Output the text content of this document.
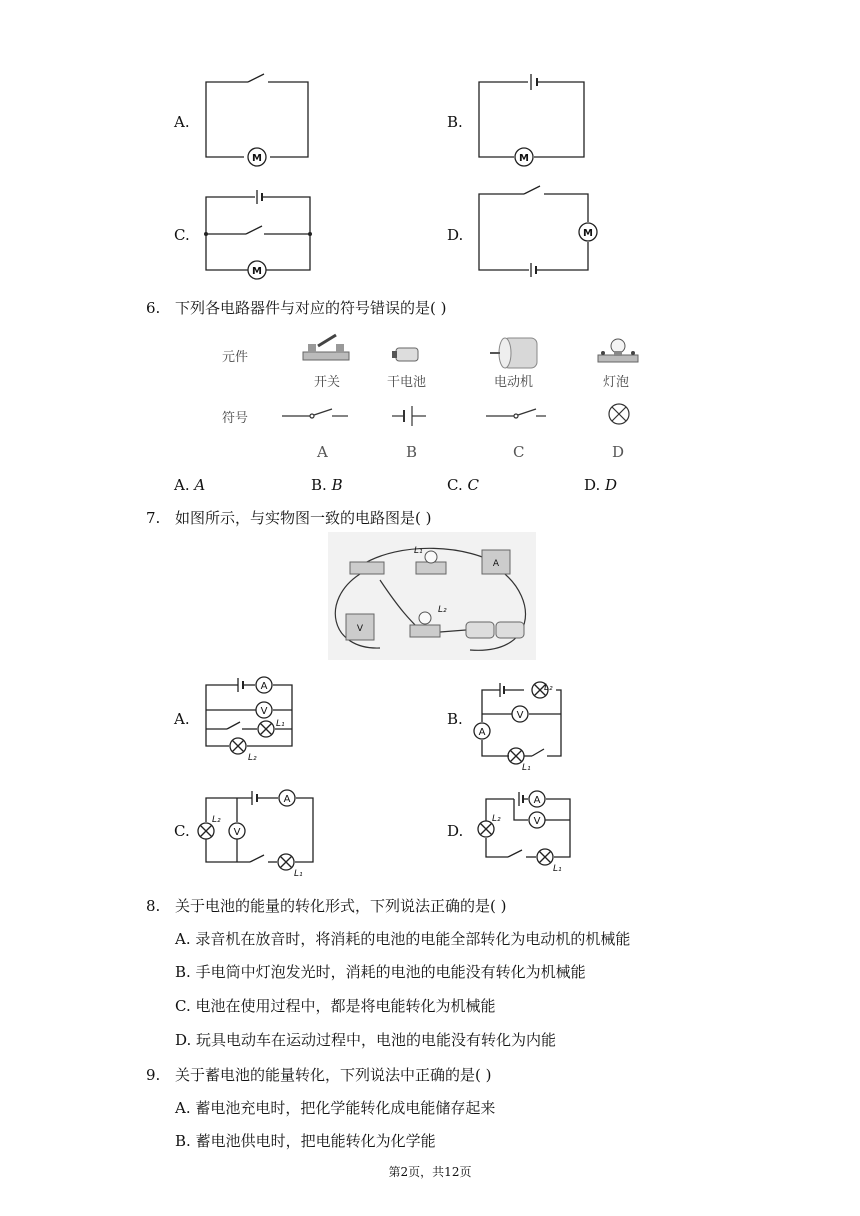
A.
M	M
M
M
B.
C.	D.
6. 下列各电路器件与对应的符号错误的是( )
元件
符号
开关	干电池	电动机	灯泡
A	B	C	D
A. A	B. B	C. C	D. D
7. 如图所示，与实物图一致的电路图是( )
L₁
L₂
A
V
A
V	V
A
A
V
A
V
L₁
L₂
L₂
L₁
L₂
L₁
L₂
L₁
A.	B.
C.	D.
8. 关于电池的能量的转化形式，下列说法正确的是( )
A. 录音机在放音时，将消耗的电池的电能全部转化为电动机的机械能
B. 手电筒中灯泡发光时，消耗的电池的电能没有转化为机械能
C. 电池在使用过程中，都是将电能转化为机械能
D. 玩具电动车在运动过程中，电池的电能没有转化为内能
9. 关于蓄电池的能量转化，下列说法中正确的是( )
A. 蓄电池充电时，把化学能转化成电能储存起来
B. 蓄电池供电时，把电能转化为化学能
第2页，共12页
